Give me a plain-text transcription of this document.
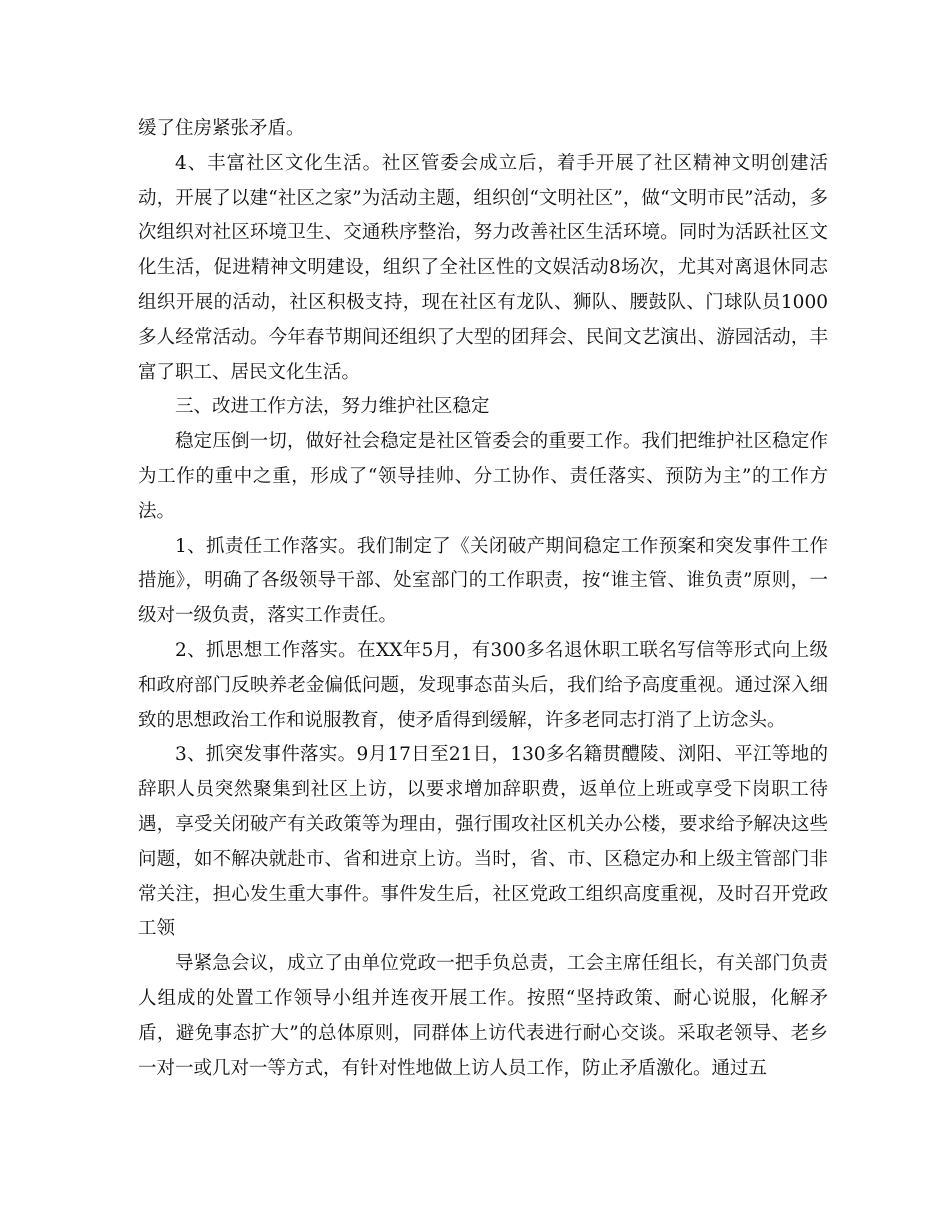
缓了住房紧张矛盾。

4、丰富社区文化生活。社区管委会成立后，着手开展了社区精神文明创建活动，开展了以建“社区之家”为活动主题，组织创“文明社区”，做“文明市民”活动，多次组织对社区环境卫生、交通秩序整治，努力改善社区生活环境。同时为活跃社区文化生活，促进精神文明建设，组织了全社区性的文娱活动8场次，尤其对离退休同志组织开展的活动，社区积极支持，现在社区有龙队、狮队、腰鼓队、门球队员1000多人经常活动。今年春节期间还组织了大型的团拜会、民间文艺演出、游园活动，丰富了职工、居民文化生活。

三、改进工作方法，努力维护社区稳定

稳定压倒一切，做好社会稳定是社区管委会的重要工作。我们把维护社区稳定作为工作的重中之重，形成了“领导挂帅、分工协作、责任落实、预防为主”的工作方法。

1、抓责任工作落实。我们制定了《关闭破产期间稳定工作预案和突发事件工作措施》，明确了各级领导干部、处室部门的工作职责，按“谁主管、谁负责”原则，一级对一级负责，落实工作责任。

2、抓思想工作落实。在XX年5月，有300多名退休职工联名写信等形式向上级和政府部门反映养老金偏低问题，发现事态苗头后，我们给予高度重视。通过深入细致的思想政治工作和说服教育，使矛盾得到缓解，许多老同志打消了上访念头。

3、抓突发事件落实。9月17日至21日，130多名籍贯醴陵、浏阳、平江等地的辞职人员突然聚集到社区上访，以要求增加辞职费，返单位上班或享受下岗职工待遇，享受关闭破产有关政策等为理由，强行围攻社区机关办公楼，要求给予解决这些问题，如不解决就赴市、省和进京上访。当时，省、市、区稳定办和上级主管部门非常关注，担心发生重大事件。事件发生后，社区党政工组织高度重视，及时召开党政工领

导紧急会议，成立了由单位党政一把手负总责，工会主席任组长，有关部门负责人组成的处置工作领导小组并连夜开展工作。按照“坚持政策、耐心说服，化解矛盾，避免事态扩大”的总体原则，同群体上访代表进行耐心交谈。采取老领导、老乡一对一或几对一等方式，有针对性地做上访人员工作，防止矛盾激化。通过五
